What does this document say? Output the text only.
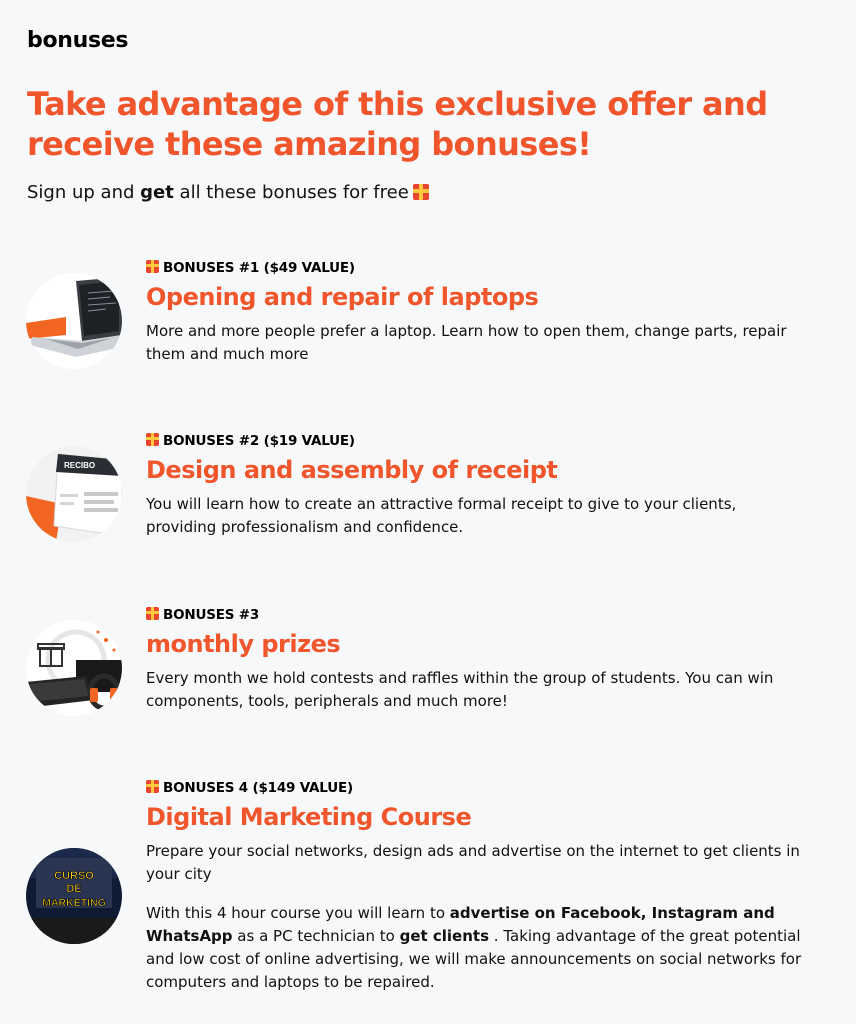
bonuses
Take advantage of this exclusive offer and receive these amazing bonuses!

Sign up and get all these bonuses for free

BONUSES #1 ($49 VALUE)
Opening and repair of laptops
More and more people prefer a laptop. Learn how to open them, change parts, repair them and much more
RECIBO
BONUSES #2 ($19 VALUE)
Design and assembly of receipt
You will learn how to create an attractive formal receipt to give to your clients, providing professionalism and confidence.
BONUSES #3
monthly prizes
Every month we hold contests and raffles within the group of students. You can win components, tools, peripherals and much more!
CURSO
DE
MARKETING
BONUSES 4 ($149 VALUE)
Digital Marketing Course
Prepare your social networks, design ads and advertise on the internet to get clients in your city
With this 4 hour course you will learn to advertise on Facebook, Instagram and WhatsApp as a PC technician to get clients . Taking advantage of the great potential and low cost of online advertising, we will make announcements on social networks for computers and laptops to be repaired.
